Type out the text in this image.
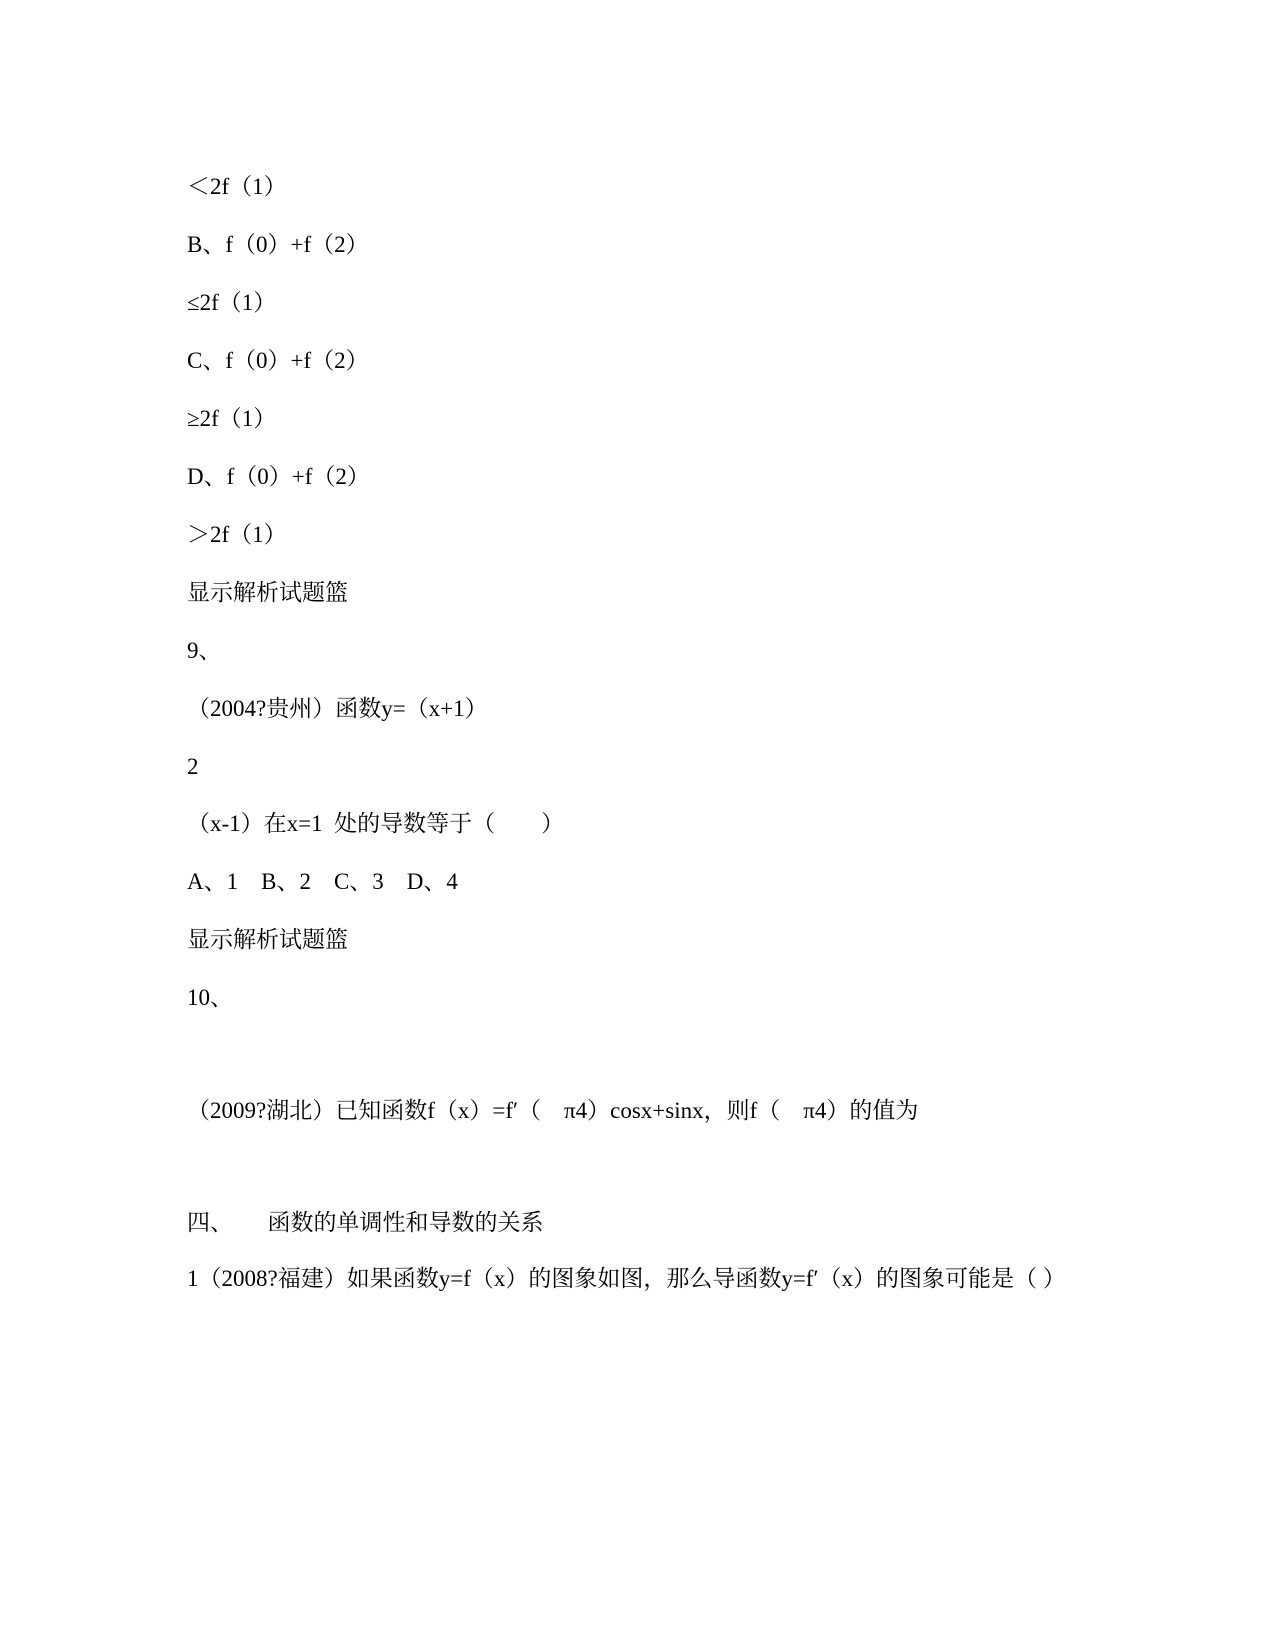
＜2f（1）
B、f（0）+f（2）
≤2f（1）
C、f（0）+f（2）
≥2f（1）
D、f（0）+f（2）
＞2f（1）
显示解析试题篮
9、
（2004?贵州）函数y=（x+1）
2
（x-1）在x=1  处的导数等于（        ）
A、1    B、2    C、3    D、4
显示解析试题篮
10、
（2009?湖北）已知函数f（x）=f′（    π4）cosx+sinx，则f（    π4）的值为
四、      函数的单调性和导数的关系
1（2008?福建）如果函数y=f（x）的图象如图，那么导函数y=f′（x）的图象可能是（ ）
